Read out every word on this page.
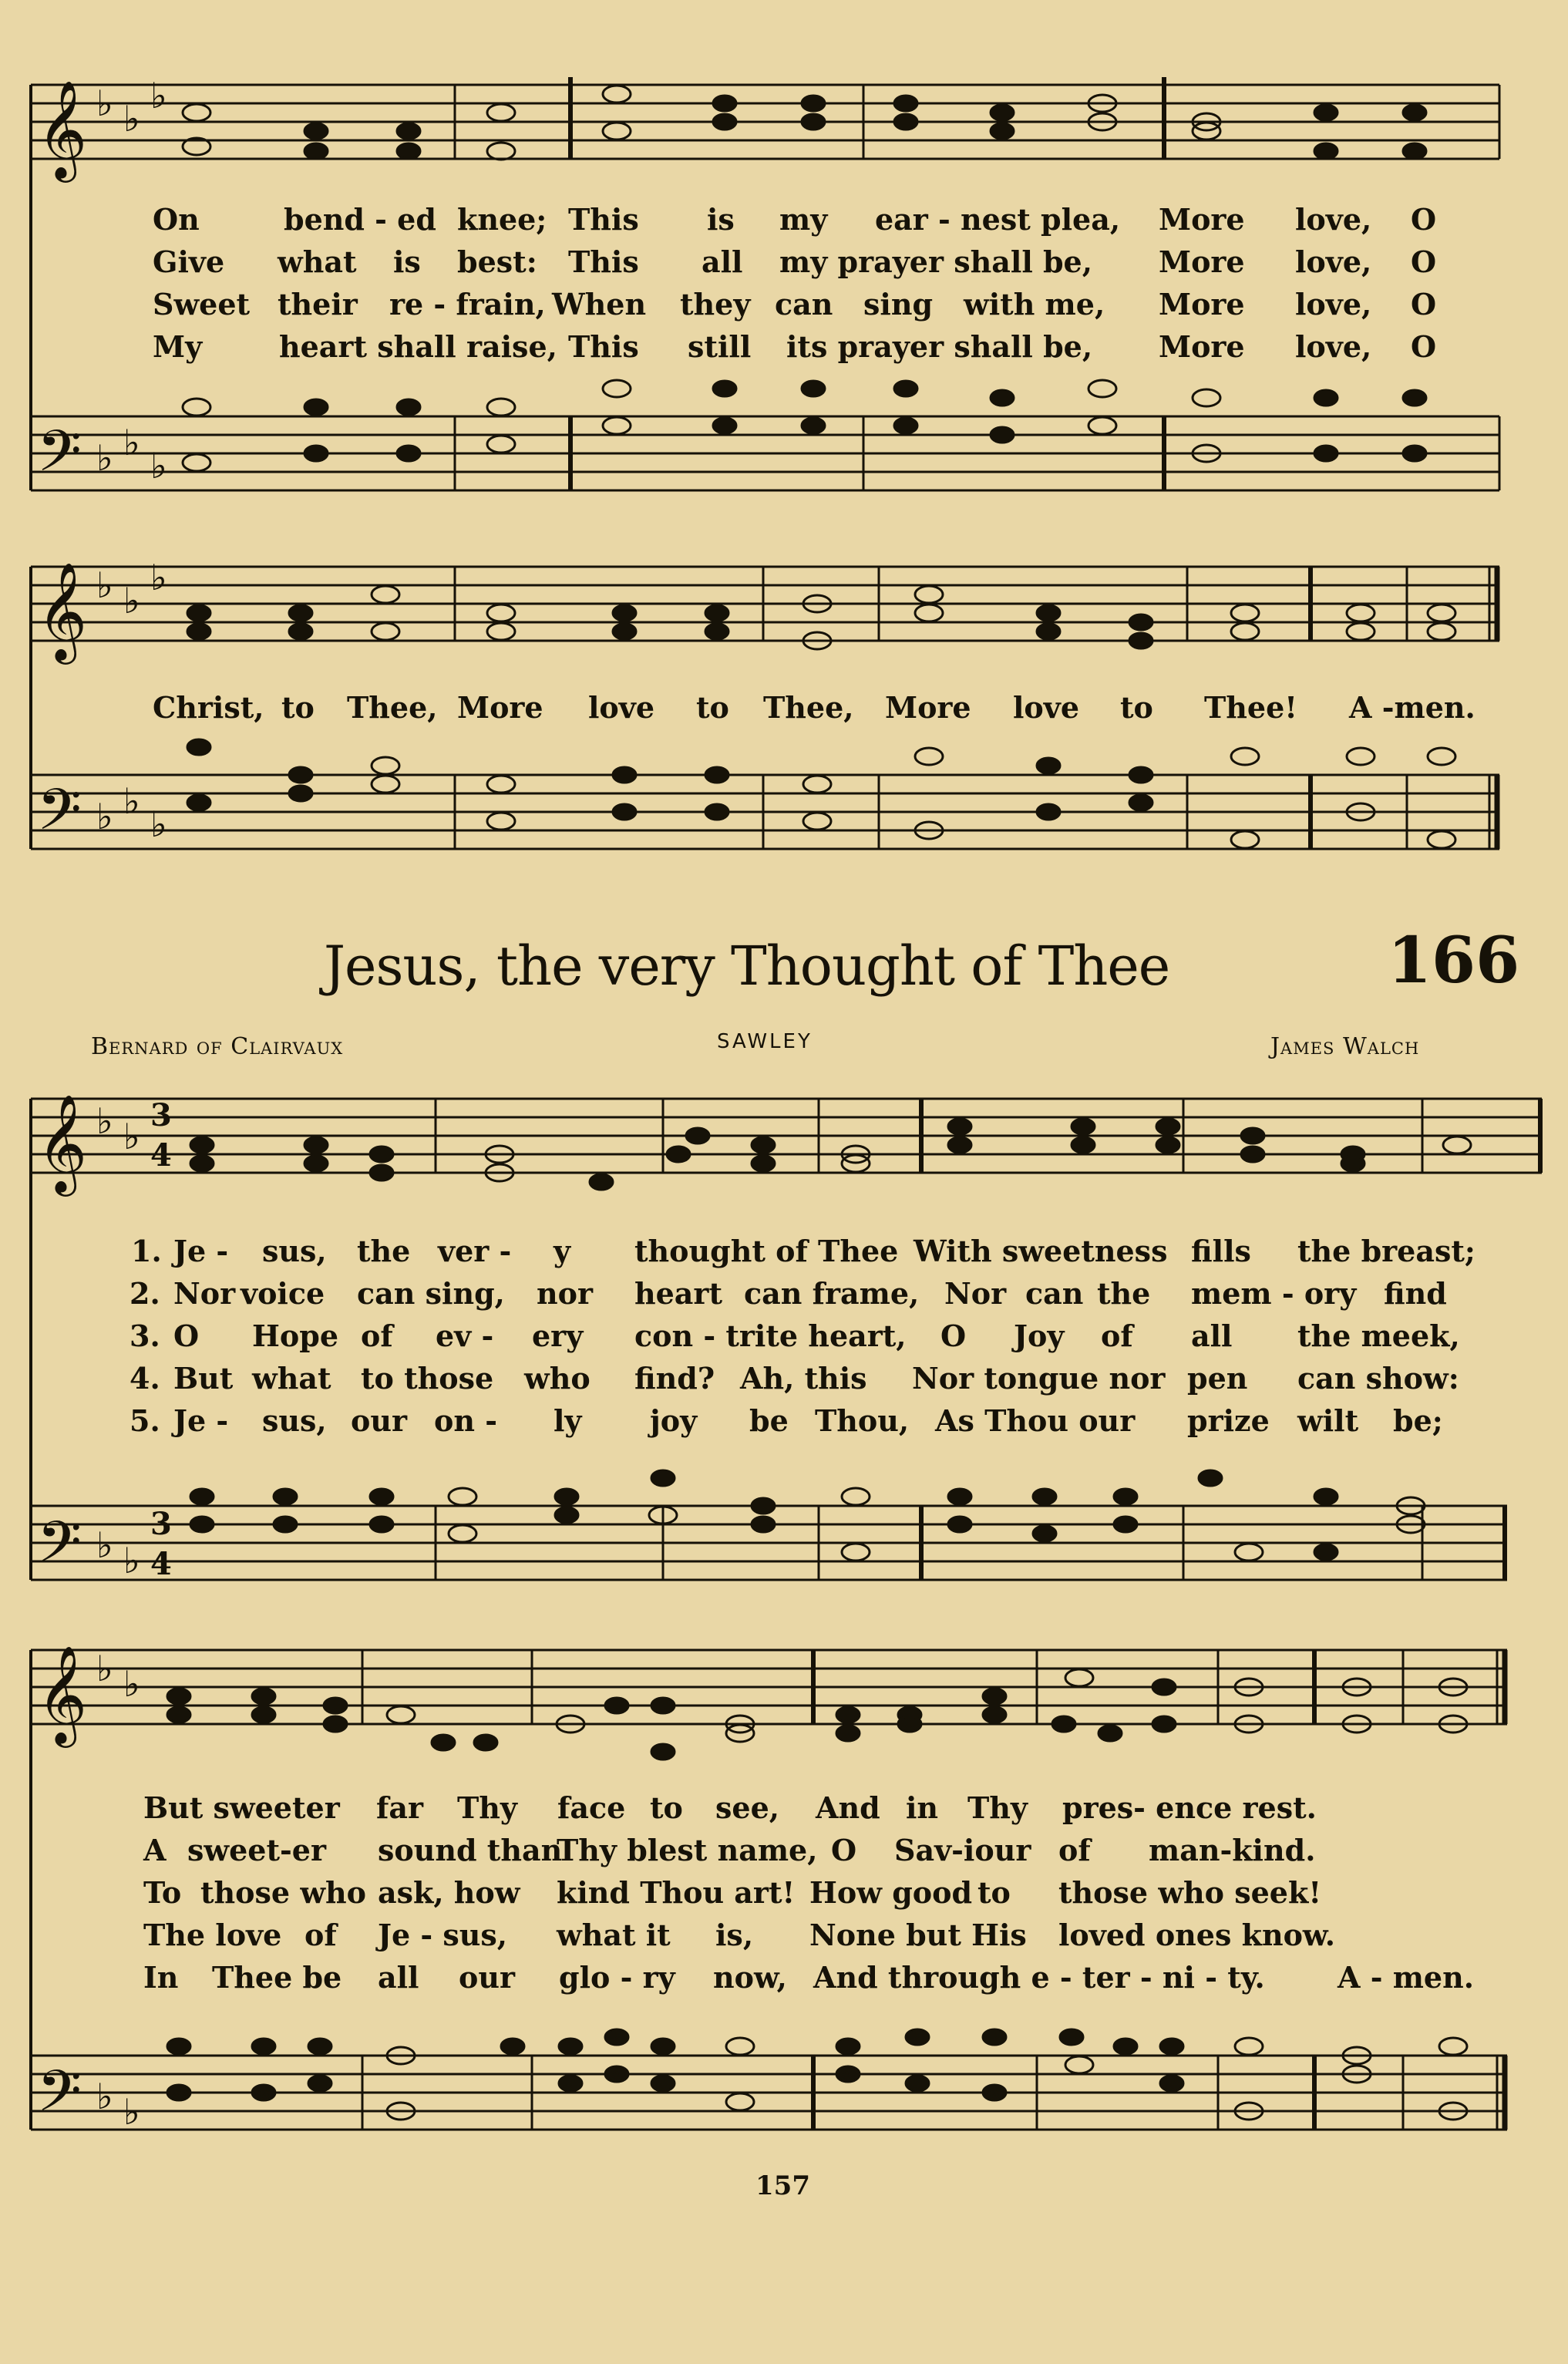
𝄞 ♭ ♭
♭
𝄢 ♭ ♭
♭
On	bend - ed knee; This is my ear - nest plea, More love, O
Give what is best: This all my prayer shall be, More love, O
Sweet their re - frain, When they can sing with me, More love, O
My	heart shall raise, This still its prayer shall be, More love, O
𝄞 ♭ ♭
♭
𝄢 ♭ ♭
♭
Christ, to Thee, More love to Thee, More love to Thee! A -men.
Jesus, the very Thought of Thee	166
Bernard of Clairvaux	SAWLEY	James Walch
𝄞 ♭ ♭
3
4
𝄢 ♭ ♭
3
4
1. Je - sus, the ver - y thought of Thee With sweetness fills the breast;
2. Nor voice can sing, nor heart can frame, Nor can the mem - ory find
3. O Hope of ev - ery con - trite heart, O Joy of all the meek,
4. But what to those who find? Ah, this Nor tongue nor pen can show:
5. Je - sus, our on - ly joy be Thou, As Thou our prize wilt be;
𝄞 ♭ ♭
𝄢 ♭ ♭
But sweeter far Thy face to see, And in Thy pres- ence rest.
A sweet-er sound than
Thy blest name, O Sav-iour of man-kind.
To those who ask, how kind Thou art! How good to those who seek!
The love of Je - sus, what it is, None but His loved ones know.
In Thee be all our glo - ry now, And through e - ter - ni - ty. A - men.
157
